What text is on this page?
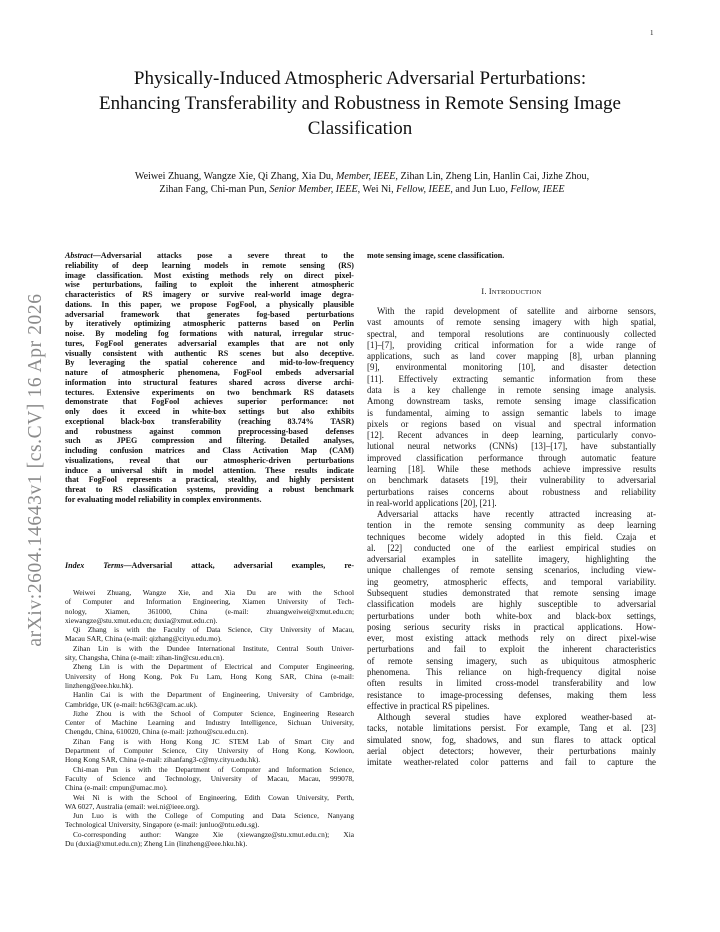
1
arXiv:2604.14643v1 [cs.CV] 16 Apr 2026
Physically-Induced Atmospheric Adversarial Perturbations:
Enhancing Transferability and Robustness in Remote Sensing Image
Classification
Weiwei Zhuang, Wangze Xie, Qi Zhang, Xia Du, Member, IEEE, Zihan Lin, Zheng Lin, Hanlin Cai, Jizhe Zhou,
Zihan Fang, Chi-man Pun, Senior Member, IEEE, Wei Ni, Fellow, IEEE, and Jun Luo, Fellow, IEEE
Abstract—Adversarial attacks pose a severe threat to the
reliability of deep learning models in remote sensing (RS)
image classification. Most existing methods rely on direct pixel-
wise perturbations, failing to exploit the inherent atmospheric
characteristics of RS imagery or survive real-world image degra-
dations. In this paper, we propose FogFool, a physically plausible
adversarial framework that generates fog-based perturbations
by iteratively optimizing atmospheric patterns based on Perlin
noise. By modeling fog formations with natural, irregular struc-
tures, FogFool generates adversarial examples that are not only
visually consistent with authentic RS scenes but also deceptive.
By leveraging the spatial coherence and mid-to-low-frequency
nature of atmospheric phenomena, FogFool embeds adversarial
information into structural features shared across diverse archi-
tectures. Extensive experiments on two benchmark RS datasets
demonstrate that FogFool achieves superior performance: not
only does it exceed in white-box settings but also exhibits
exceptional black-box transferability (reaching 83.74% TASR)
and robustness against common preprocessing-based defenses
such as JPEG compression and filtering. Detailed analyses,
including confusion matrices and Class Activation Map (CAM)
visualizations, reveal that our atmospheric-driven perturbations
induce a universal shift in model attention. These results indicate
that FogFool represents a practical, stealthy, and highly persistent
threat to RS classification systems, providing a robust benchmark
for evaluating model reliability in complex environments.
Index Terms—Adversarial attack, adversarial examples, re-
Weiwei Zhuang, Wangze Xie, and Xia Du are with the School
of Computer and Information Engineering, Xiamen University of Tech-
nology, Xiamen, 361000, China (e-mail: zhuangweiwei@xmut.edu.cn;
xiewangze@stu.xmut.edu.cn; duxia@xmut.edu.cn).
Qi Zhang is with the Faculty of Data Science, City University of Macau,
Macau SAR, China (e-mail: qizhang@cityu.edu.mo).
Zihan Lin is with the Dundee International Institute, Central South Univer-
sity, Changsha, China (e-mail: zihan-lin@csu.edu.cn).
Zheng Lin is with the Department of Electrical and Computer Engineering,
University of Hong Kong, Pok Fu Lam, Hong Kong SAR, China (e-mail:
linzheng@eee.hku.hk).
Hanlin Cai is with the Department of Engineering, University of Cambridge,
Cambridge, UK (e-mail: hc663@cam.ac.uk).
Jizhe Zhou is with the School of Computer Science, Engineering Research
Center of Machine Learning and Industry Intelligence, Sichuan University,
Chengdu, China, 610020, China (e-mail: jzzhou@scu.edu.cn).
Zihan Fang is with Hong Kong JC STEM Lab of Smart City and
Department of Computer Science, City University of Hong Kong, Kowloon,
Hong Kong SAR, China (e-mail: zihanfang3-c@my.cityu.edu.hk).
Chi-man Pun is with the Department of Computer and Information Science,
Faculty of Science and Technology, University of Macau, Macau, 999078,
China (e-mail: cmpun@umac.mo).
Wei Ni is with the School of Engineering, Edith Cowan University, Perth,
WA 6027, Australia (email: wei.ni@ieee.org).
Jun Luo is with the College of Computing and Data Science, Nanyang
Technological University, Singapore (e-mail: junluo@ntu.edu.sg).
Co-corresponding author: Wangze Xie (xiewangze@stu.xmut.edu.cn); Xia
Du (duxia@xmut.edu.cn); Zheng Lin (linzheng@eee.hku.hk).
mote sensing image, scene classification.
I. INTRODUCTION
With the rapid development of satellite and airborne sensors,
vast amounts of remote sensing imagery with high spatial,
spectral, and temporal resolutions are continuously collected
[1]–[7], providing critical information for a wide range of
applications, such as land cover mapping [8], urban planning
[9], environmental monitoring [10], and disaster detection
[11]. Effectively extracting semantic information from these
data is a key challenge in remote sensing image analysis.
Among downstream tasks, remote sensing image classification
is fundamental, aiming to assign semantic labels to image
pixels or regions based on visual and spectral information
[12]. Recent advances in deep learning, particularly convo-
lutional neural networks (CNNs) [13]–[17], have substantially
improved classification performance through automatic feature
learning [18]. While these methods achieve impressive results
on benchmark datasets [19], their vulnerability to adversarial
perturbations raises concerns about robustness and reliability
in real-world applications [20], [21].
Adversarial attacks have recently attracted increasing at-
tention in the remote sensing community as deep learning
techniques become widely adopted in this field. Czaja et
al. [22] conducted one of the earliest empirical studies on
adversarial examples in satellite imagery, highlighting the
unique challenges of remote sensing scenarios, including view-
ing geometry, atmospheric effects, and temporal variability.
Subsequent studies demonstrated that remote sensing image
classification models are highly susceptible to adversarial
perturbations under both white-box and black-box settings,
posing serious security risks in practical applications. How-
ever, most existing attack methods rely on direct pixel-wise
perturbations and fail to exploit the inherent characteristics
of remote sensing imagery, such as ubiquitous atmospheric
phenomena. This reliance on high-frequency digital noise
often results in limited cross-model transferability and low
resistance to image-processing defenses, making them less
effective in practical RS pipelines.
Although several studies have explored weather-based at-
tacks, notable limitations persist. For example, Tang et al. [23]
simulated snow, fog, shadows, and sun flares to attack optical
aerial object detectors; however, their perturbations mainly
imitate weather-related color patterns and fail to capture the
